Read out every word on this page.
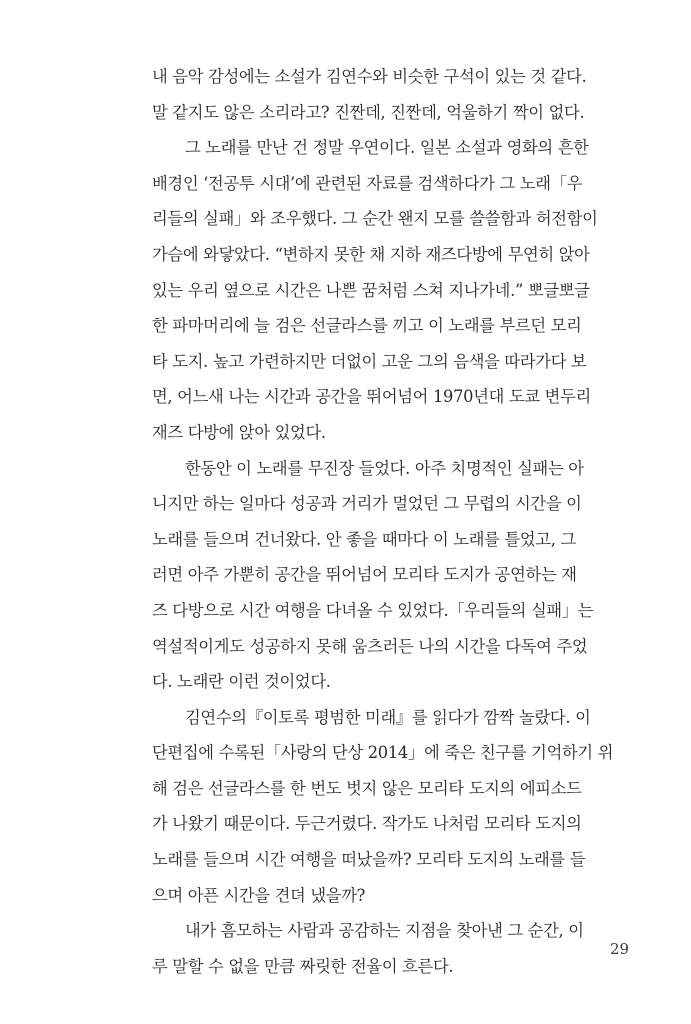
내 음악 감성에는 소설가 김연수와 비슷한 구석이 있는 것 같다.
말 같지도 않은 소리라고? 진짠데, 진짠데, 억울하기 짝이 없다.
그 노래를 만난 건 정말 우연이다. 일본 소설과 영화의 흔한
배경인 ‘전공투 시대’에 관련된 자료를 검색하다가 그 노래「우
리들의 실패」와 조우했다. 그 순간 왠지 모를 쓸쓸함과 허전함이
가슴에 와닿았다. “변하지 못한 채 지하 재즈다방에 무연히 앉아
있는 우리 옆으로 시간은 나쁜 꿈처럼 스쳐 지나가네.” 뽀글뽀글
한 파마머리에 늘 검은 선글라스를 끼고 이 노래를 부르던 모리
타 도지. 높고 가련하지만 더없이 고운 그의 음색을 따라가다 보
면, 어느새 나는 시간과 공간을 뛰어넘어 1970년대 도쿄 변두리
재즈 다방에 앉아 있었다.
한동안 이 노래를 무진장 들었다. 아주 치명적인 실패는 아
니지만 하는 일마다 성공과 거리가 멀었던 그 무렵의 시간을 이
노래를 들으며 건너왔다. 안 좋을 때마다 이 노래를 틀었고, 그
러면 아주 가뿐히 공간을 뛰어넘어 모리타 도지가 공연하는 재
즈 다방으로 시간 여행을 다녀올 수 있었다.「우리들의 실패」는
역설적이게도 성공하지 못해 움츠러든 나의 시간을 다독여 주었
다. 노래란 이런 것이었다.
김연수의『이토록 평범한 미래』를 읽다가 깜짝 놀랐다. 이
단편집에 수록된「사랑의 단상 2014」에 죽은 친구를 기억하기 위
해 검은 선글라스를 한 번도 벗지 않은 모리타 도지의 에피소드
가 나왔기 때문이다. 두근거렸다. 작가도 나처럼 모리타 도지의
노래를 들으며 시간 여행을 떠났을까? 모리타 도지의 노래를 들
으며 아픈 시간을 견뎌 냈을까?
내가 흠모하는 사람과 공감하는 지점을 찾아낸 그 순간, 이
루 말할 수 없을 만큼 짜릿한 전율이 흐른다.
29
